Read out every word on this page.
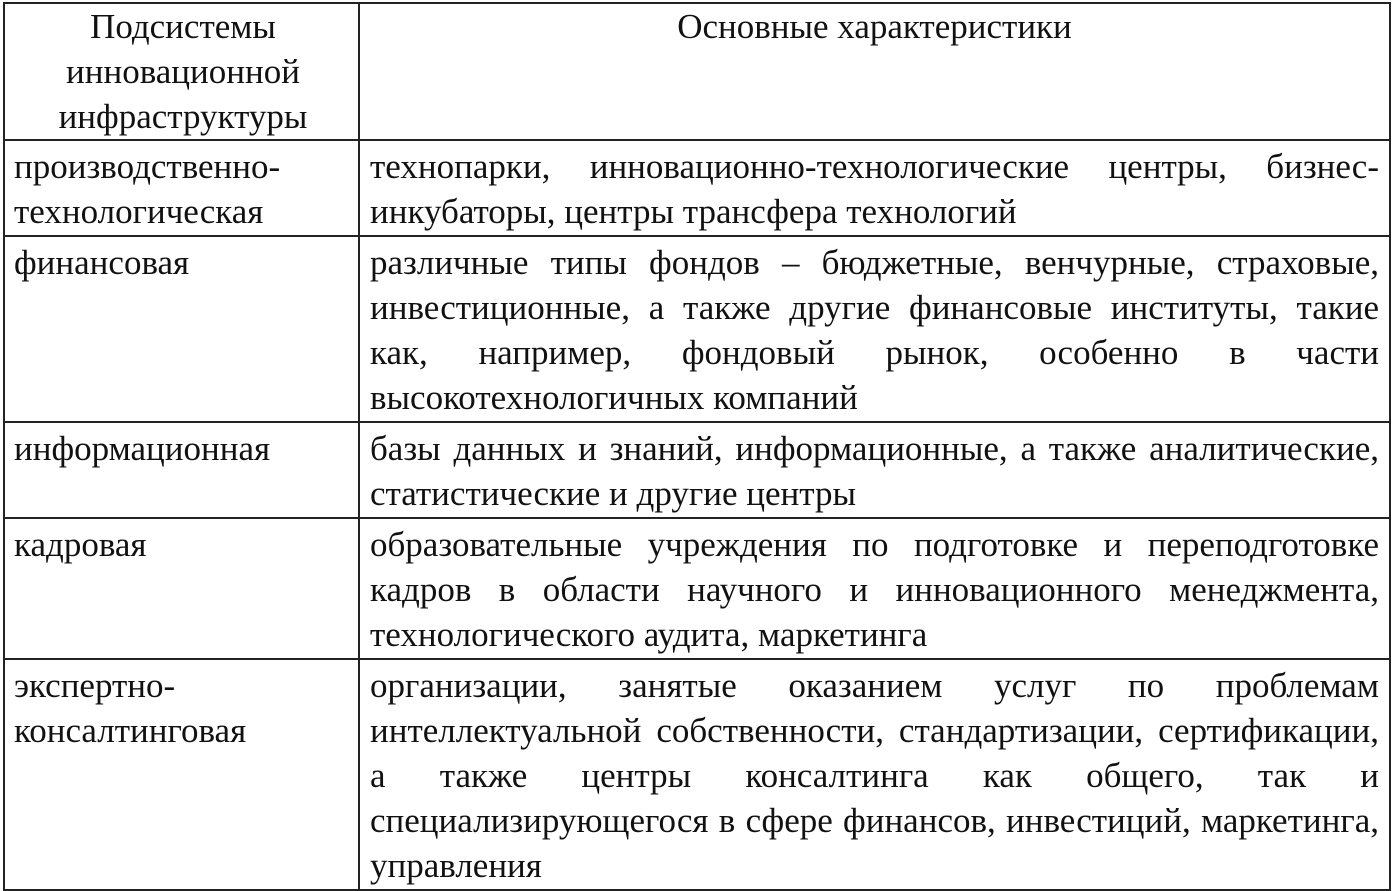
Подсистемы инновационной инфраструктуры	Основные характеристики

производственно-технологическая	технопарки, инновационно-технологические центры, бизнес-инкубаторы, центры трансфера технологий

финансовая	различные типы фондов – бюджетные, венчурные, страховые, инвестиционные, а также другие финансовые институты, такие как, например, фондовый рынок, особенно в части высокотехнологичных компаний

информационная	базы данных и знаний, информационные, а также аналитические, статистические и другие центры

кадровая	образовательные учреждения по подготовке и переподготовке кадров в области научного и инновационного менеджмента, технологического аудита, маркетинга

экспертно-консалтинговая	организации, занятые оказанием услуг по проблемам интеллектуальной собственности, стандартизации, сертификации, а также центры консалтинга как общего, так и специализирующегося в сфере финансов, инвестиций, маркетинга, управления
